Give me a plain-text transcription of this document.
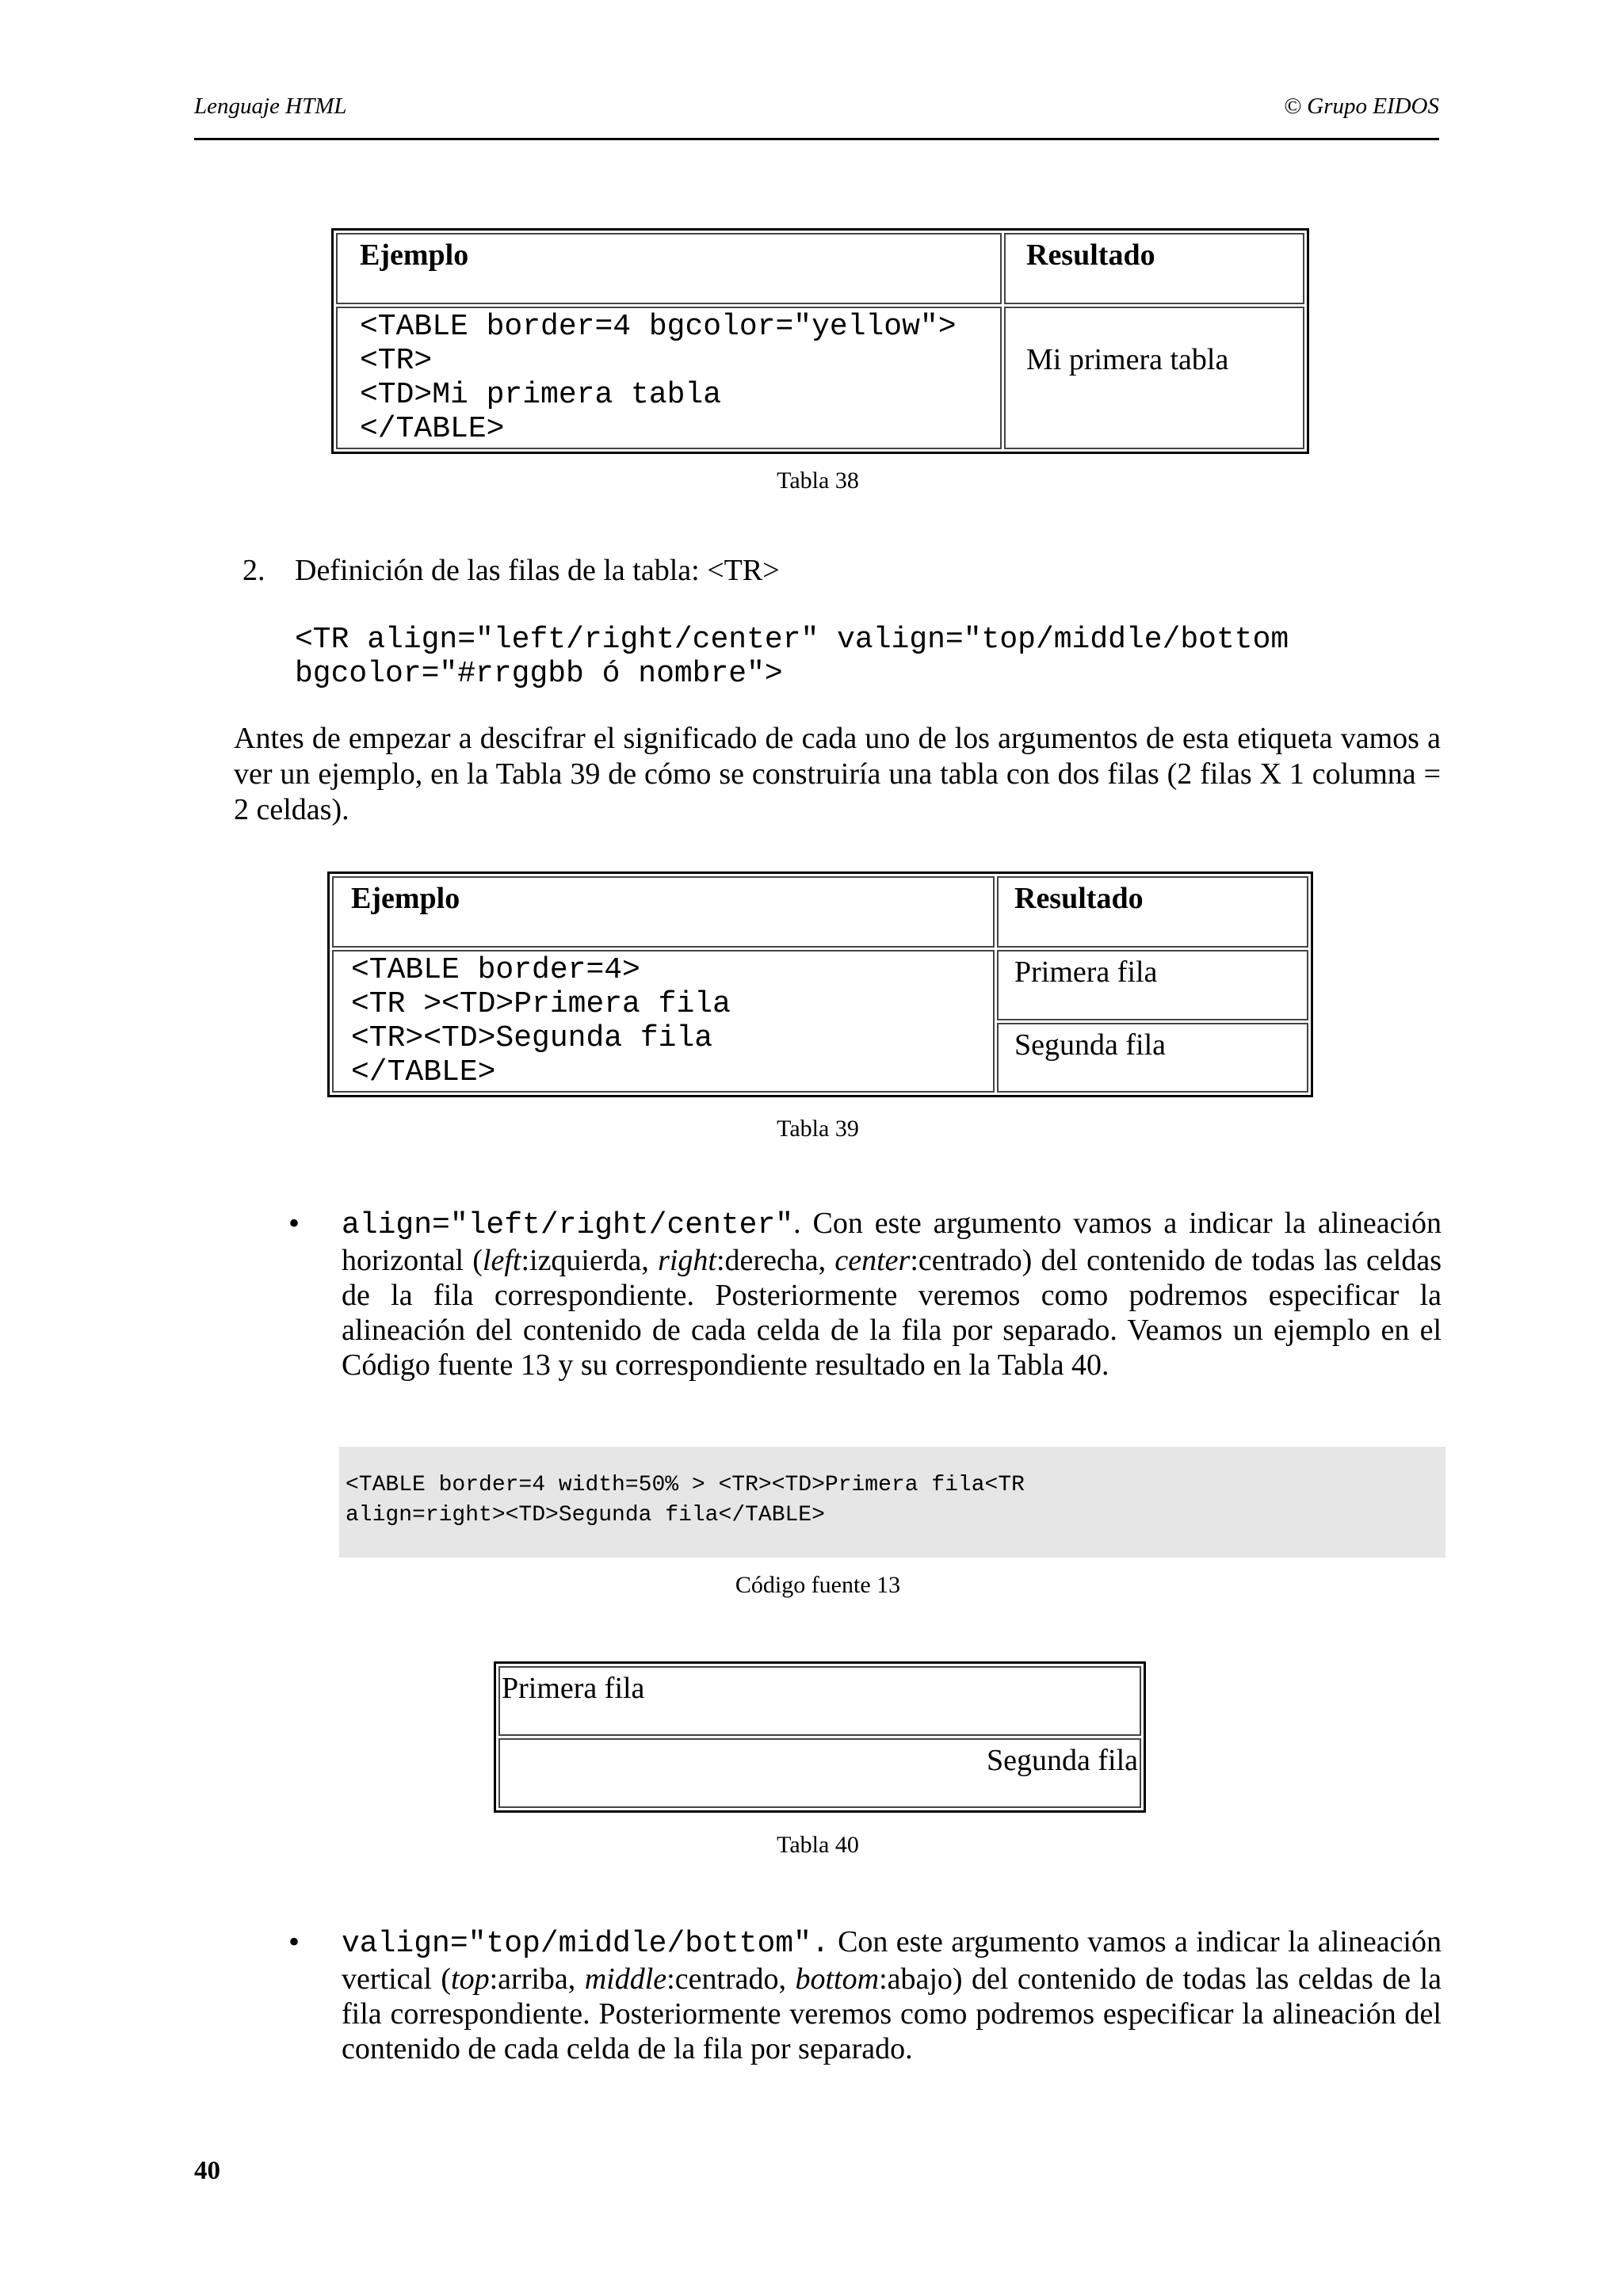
Lenguaje HTML	© Grupo EIDOS
Ejemplo	Resultado

<TABLE border=4 bgcolor="yellow">
<TR>
<TD>Mi primera tabla
</TABLE>	Mi primera tabla
Tabla 38
2. Definición de las filas de la tabla: <TR>
<TR align="left/right/center" valign="top/middle/bottom
bgcolor="#rrggbb ó nombre">
Antes de empezar a descifrar el significado de cada uno de los argumentos de esta etiqueta vamos a ver un ejemplo, en la Tabla 39 de cómo se construiría una tabla con dos filas (2 filas X 1 columna = 2 celdas).
Ejemplo	Resultado

<TABLE border=4>
<TR ><TD>Primera fila
<TR><TD>Segunda fila
</TABLE>	Primera fila
	Segunda fila
Tabla 39
• align="left/right/center". Con este argumento vamos a indicar la alineación horizontal (left:izquierda, right:derecha, center:centrado) del contenido de todas las celdas de la fila correspondiente. Posteriormente veremos como podremos especificar la alineación del contenido de cada celda de la fila por separado. Veamos un ejemplo en el Código fuente 13 y su correspondiente resultado en la Tabla 40.
<TABLE border=4 width=50% > <TR><TD>Primera fila<TR
align=right><TD>Segunda fila</TABLE>
Código fuente 13
Primera fila
Segunda fila
Tabla 40
• valign="top/middle/bottom". Con este argumento vamos a indicar la alineación vertical (top:arriba, middle:centrado, bottom:abajo) del contenido de todas las celdas de la fila correspondiente. Posteriormente veremos como podremos especificar la alineación del contenido de cada celda de la fila por separado.
40
